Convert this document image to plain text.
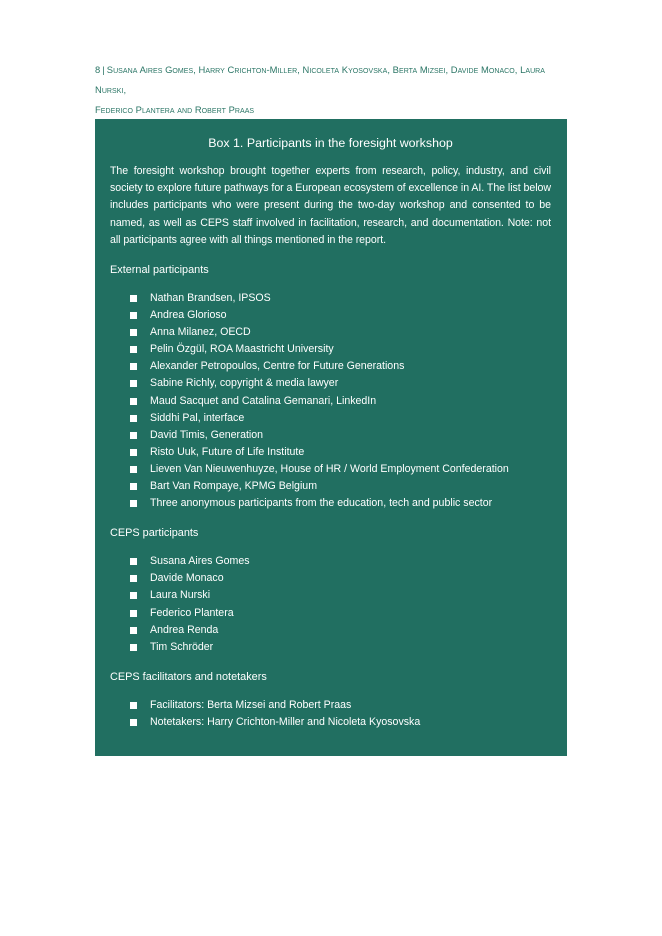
8 | Susana Aires Gomes, Harry Crichton-Miller, Nicoleta Kyosovska, Berta Mizsei, Davide Monaco, Laura Nurski,
Federico Plantera and Robert Praas
Box 1. Participants in the foresight workshop

The foresight workshop brought together experts from research, policy, industry, and civil society to explore future pathways for a European ecosystem of excellence in AI. The list below includes participants who were present during the two-day workshop and consented to be named, as well as CEPS staff involved in facilitation, research, and documentation. Note: not all participants agree with all things mentioned in the report.

External participants
Nathan Brandsen, IPSOS
Andrea Glorioso
Anna Milanez, OECD
Pelin Özgül, ROA Maastricht University
Alexander Petropoulos, Centre for Future Generations
Sabine Richly, copyright & media lawyer
Maud Sacquet and Catalina Gemanari, LinkedIn
Siddhi Pal, interface
David Timis, Generation
Risto Uuk, Future of Life Institute
Lieven Van Nieuwenhuyze, House of HR / World Employment Confederation
Bart Van Rompaye, KPMG Belgium
Three anonymous participants from the education, tech and public sector
CEPS participants
Susana Aires Gomes
Davide Monaco
Laura Nurski
Federico Plantera
Andrea Renda
Tim Schröder
CEPS facilitators and notetakers
Facilitators: Berta Mizsei and Robert Praas
Notetakers: Harry Crichton-Miller and Nicoleta Kyosovska
